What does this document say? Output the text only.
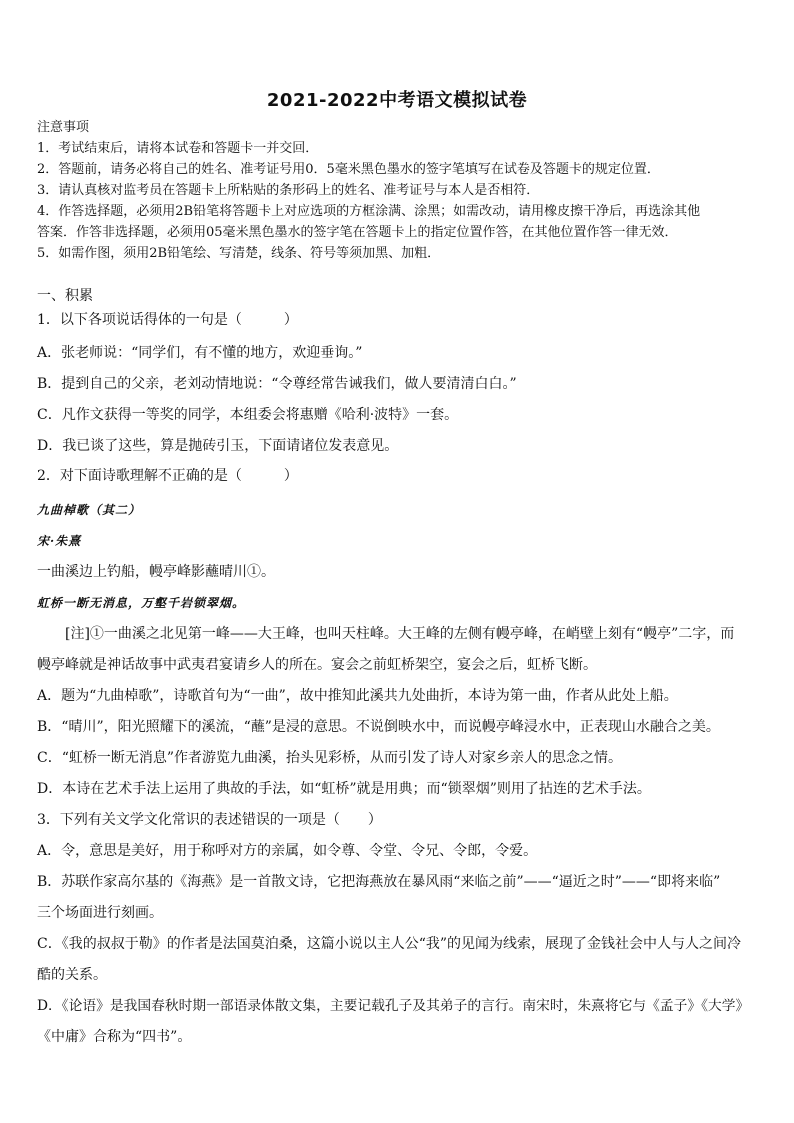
2021-2022中考语文模拟试卷
注意事项
1．考试结束后，请将本试卷和答题卡一并交回．
2．答题前，请务必将自己的姓名、准考证号用0．5毫米黑色墨水的签字笔填写在试卷及答题卡的规定位置．
3．请认真核对监考员在答题卡上所粘贴的条形码上的姓名、准考证号与本人是否相符．
4．作答选择题，必须用2B铅笔将答题卡上对应选项的方框涂满、涂黑；如需改动，请用橡皮擦干净后，再选涂其他
答案．作答非选择题，必须用05毫米黑色墨水的签字笔在答题卡上的指定位置作答，在其他位置作答一律无效．
5．如需作图，须用2B铅笔绘、写清楚，线条、符号等须加黑、加粗．
一、积累
1．以下各项说话得体的一句是（　　　）
A．张老师说：“同学们，有不懂的地方，欢迎垂询。”
B．提到自己的父亲，老刘动情地说：“令尊经常告诫我们，做人要清清白白。”
C．凡作文获得一等奖的同学，本组委会将惠赠《哈利·波特》一套。
D．我已谈了这些，算是抛砖引玉，下面请诸位发表意见。
2．对下面诗歌理解不正确的是（　　　）
九曲棹歌（其二）
宋·朱熹
一曲溪边上钓船，幔亭峰影蘸晴川①。
虹桥一断无消息，万壑千岩锁翠烟。
[注]①一曲溪之北见第一峰——大王峰，也叫天柱峰。大王峰的左侧有幔亭峰，在峭壁上刻有“幔亭”二字，而
幔亭峰就是神话故事中武夷君宴请乡人的所在。宴会之前虹桥架空，宴会之后，虹桥飞断。
A．题为“九曲棹歌”，诗歌首句为“一曲”，故中推知此溪共九处曲折，本诗为第一曲，作者从此处上船。
B．“晴川”，阳光照耀下的溪流，“蘸”是浸的意思。不说倒映水中，而说幔亭峰浸水中，正表现山水融合之美。
C．“虹桥一断无消息”作者游览九曲溪，抬头见彩桥，从而引发了诗人对家乡亲人的思念之情。
D．本诗在艺术手法上运用了典故的手法，如“虹桥”就是用典；而“锁翠烟”则用了拈连的艺术手法。
3．下列有关文学文化常识的表述错误的一项是（　　）
A．令，意思是美好，用于称呼对方的亲属，如令尊、令堂、令兄、令郎，令爱。
B．苏联作家高尔基的《海燕》是一首散文诗，它把海燕放在暴风雨“来临之前”——“逼近之时”——“即将来临”
三个场面进行刻画。
C．《我的叔叔于勒》的作者是法国莫泊桑，这篇小说以主人公“我”的见闻为线索，展现了金钱社会中人与人之间冷
酷的关系。
D．《论语》是我国春秋时期一部语录体散文集，主要记载孔子及其弟子的言行。南宋时，朱熹将它与《孟子》《大学》
《中庸》合称为“四书”。
